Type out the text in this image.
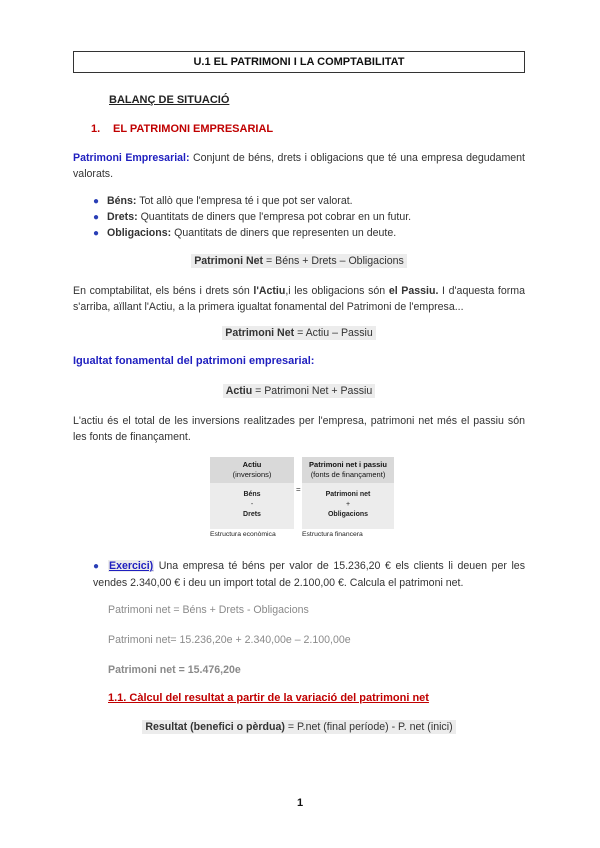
U.1 EL PATRIMONI I LA COMPTABILITAT
BALANÇ DE SITUACIÓ
1. EL PATRIMONI EMPRESARIAL
Patrimoni Empresarial: Conjunt de béns, drets i obligacions que té una empresa degudament valorats.
● Béns: Tot allò que l'empresa té i que pot ser valorat.
● Drets: Quantitats de diners que l'empresa pot cobrar en un futur.
● Obligacions: Quantitats de diners que representen un deute.
Patrimoni Net = Béns + Drets – Obligacions
En comptabilitat, els béns i drets són l'Actiu,i les obligacions són el Passiu. I d'aquesta forma s'arriba, aïllant l'Actiu, a la primera igualtat fonamental del Patrimoni de l'empresa...
Patrimoni Net = Actiu – Passiu
Igualtat fonamental del patrimoni empresarial:
Actiu = Patrimoni Net + Passiu
L'actiu és el total de les inversions realitzades per l'empresa, patrimoni net més el passiu són les fonts de finançament.
Actiu
(inversions)
Béns
-
Drets
Estructura econòmica
=
Patrimoni net i passiu
(fonts de finançament)
Patrimoni net
+
Obligacions
Estructura financera
● Exercici) Una empresa té béns per valor de 15.236,20 € els clients li deuen per les vendes 2.340,00 € i deu un import total de 2.100,00 €. Calcula el patrimoni net.
Patrimoni net = Béns + Drets - Obligacions
Patrimoni net= 15.236,20e + 2.340,00e – 2.100,00e
Patrimoni net = 15.476,20e
1.1. Càlcul del resultat a partir de la variació del patrimoni net
Resultat (benefici o pèrdua) = P.net (final període) - P. net (inici)
1
